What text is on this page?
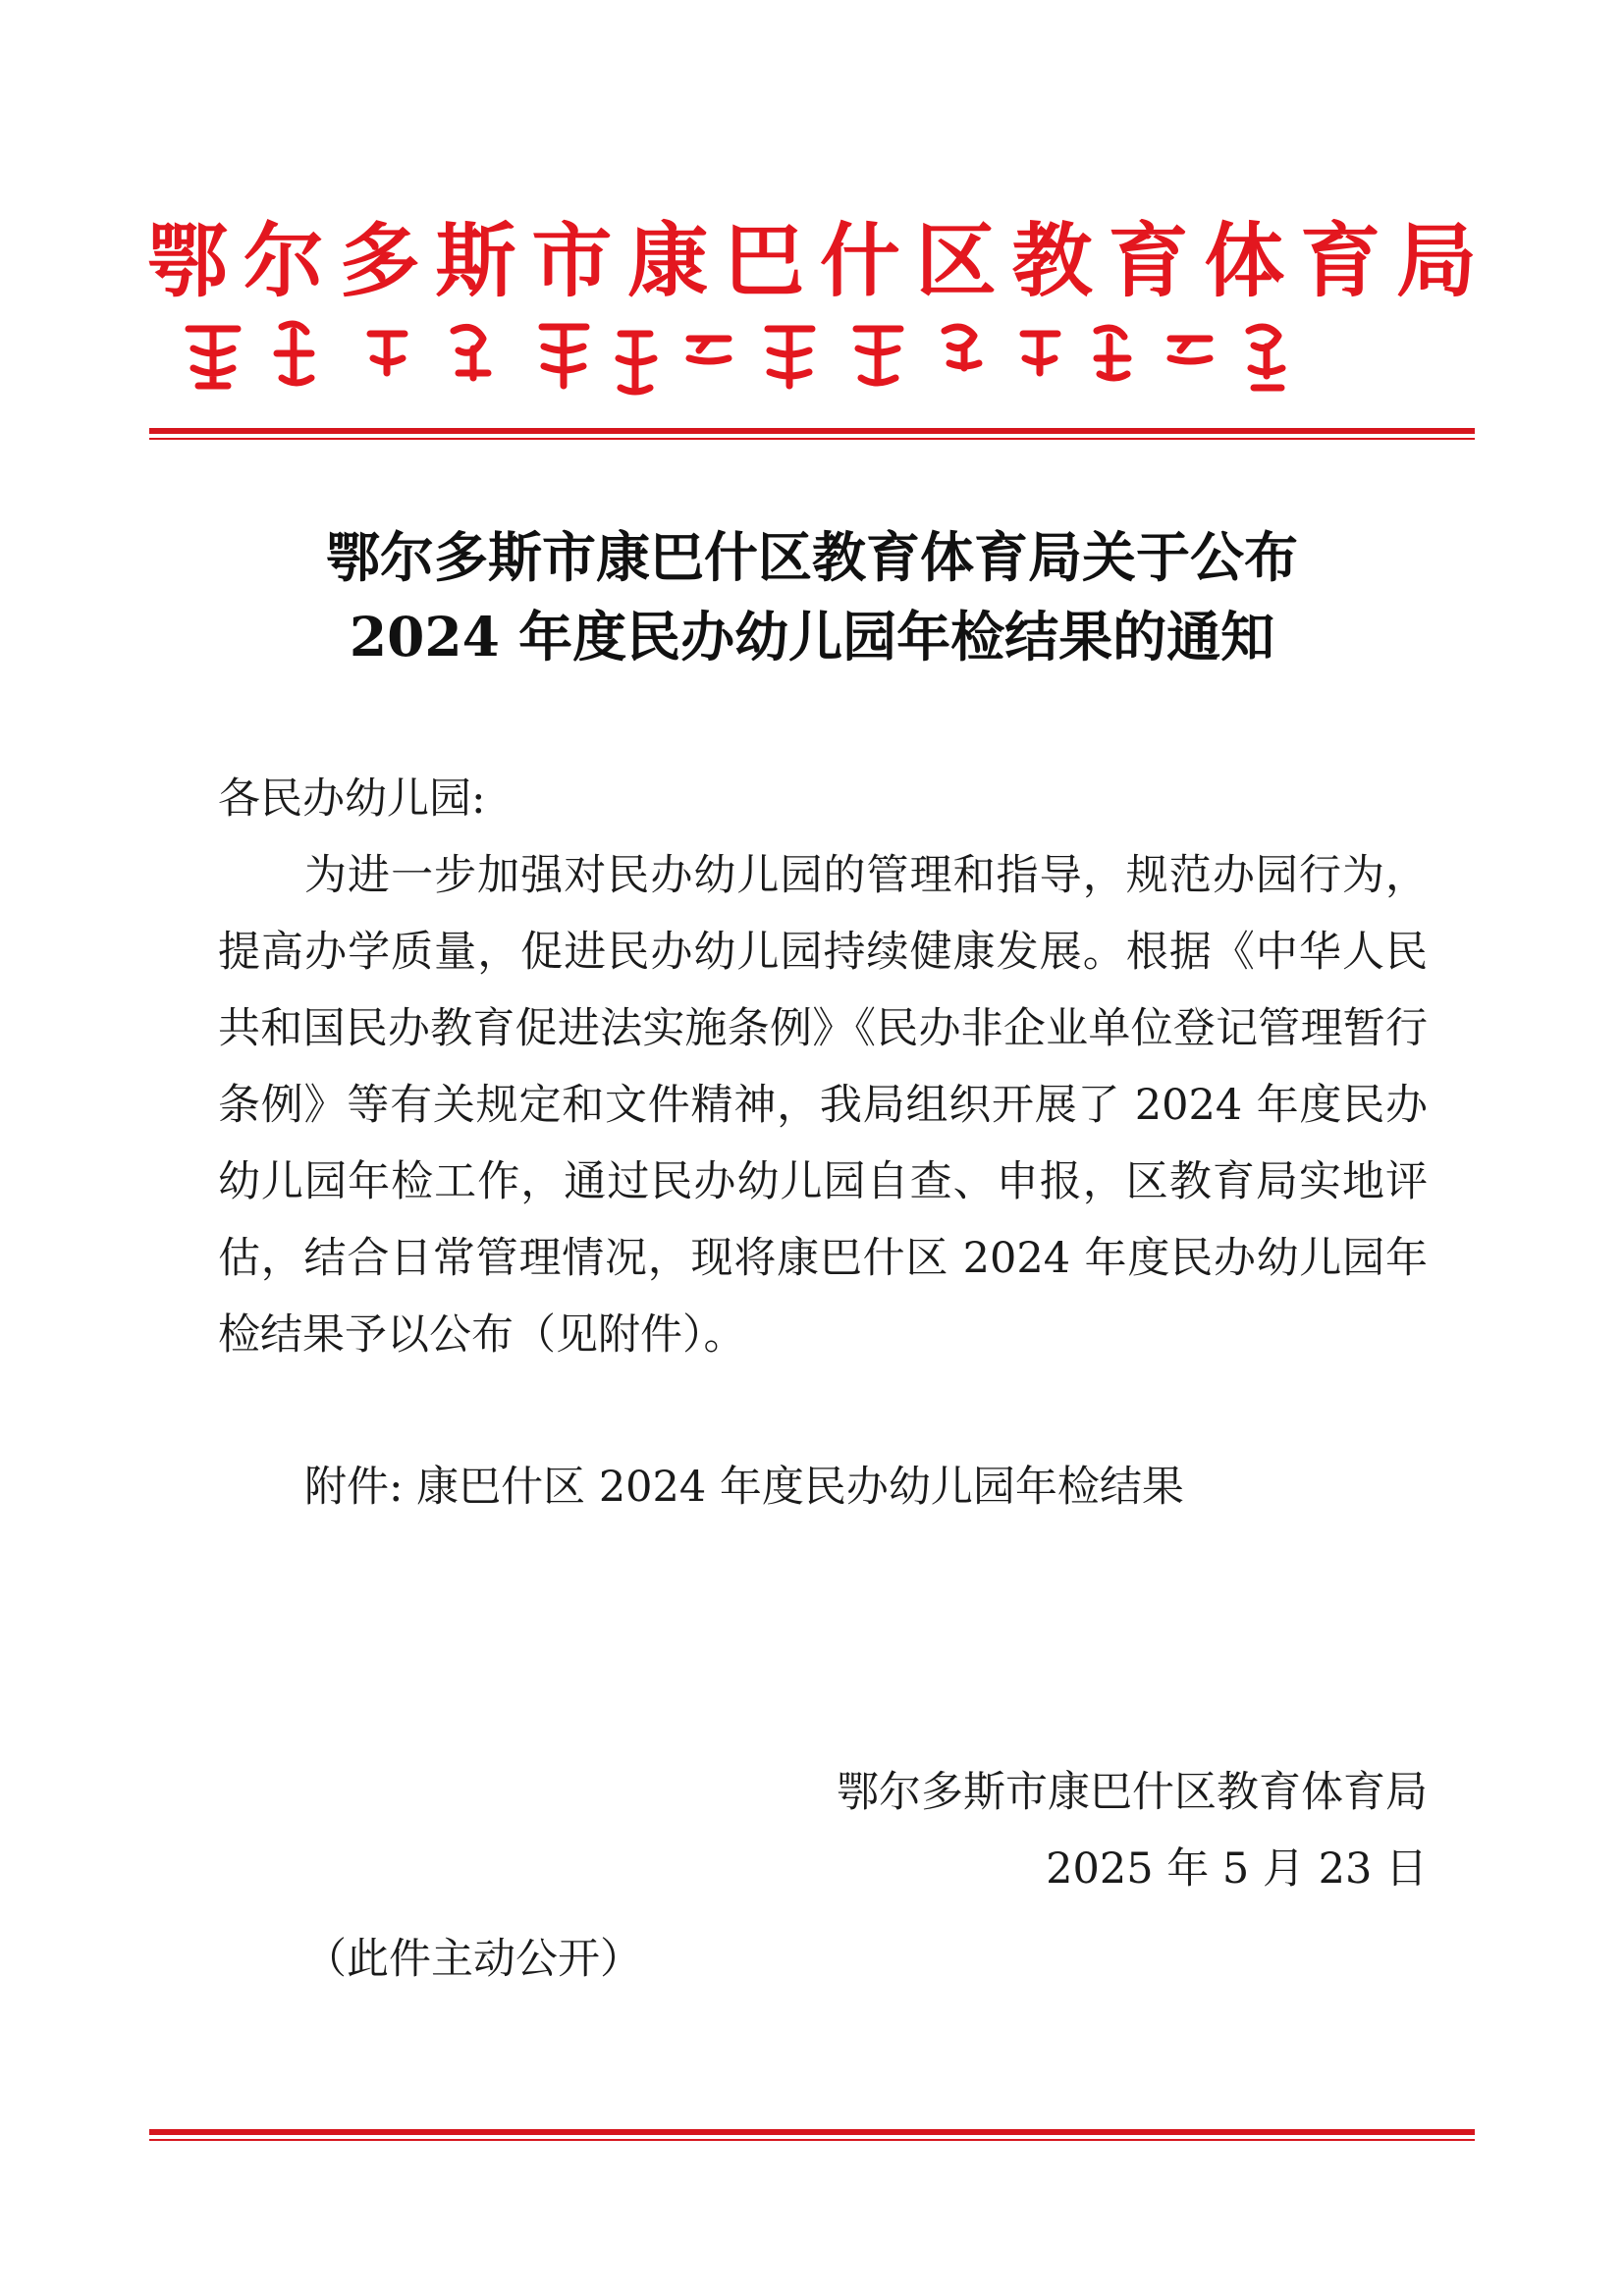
鄂 尔 多 斯 市 康 巴 什 区 教 育 体 育 局
鄂尔多斯市康巴什区教育体育局关于公布
2024 年度民办幼儿园年检结果的通知
各民办幼儿园:
为进一步加强对民办幼儿园的管理和指导，规范办园行为，提高办学质量，促进民办幼儿园持续健康发展。根据《中华人民共和国民办教育促进法实施条例》《民办非企业单位登记管理暂行条例》等有关规定和文件精神，我局组织开展了 2024 年度民办幼儿园年检工作，通过民办幼儿园自查、申报，区教育局实地评估，结合日常管理情况，现将康巴什区 2024 年度民办幼儿园年检结果予以公布（见附件）。
附件: 康巴什区 2024 年度民办幼儿园年检结果
鄂尔多斯市康巴什区教育体育局
2025 年 5 月 23 日
（此件主动公开）
